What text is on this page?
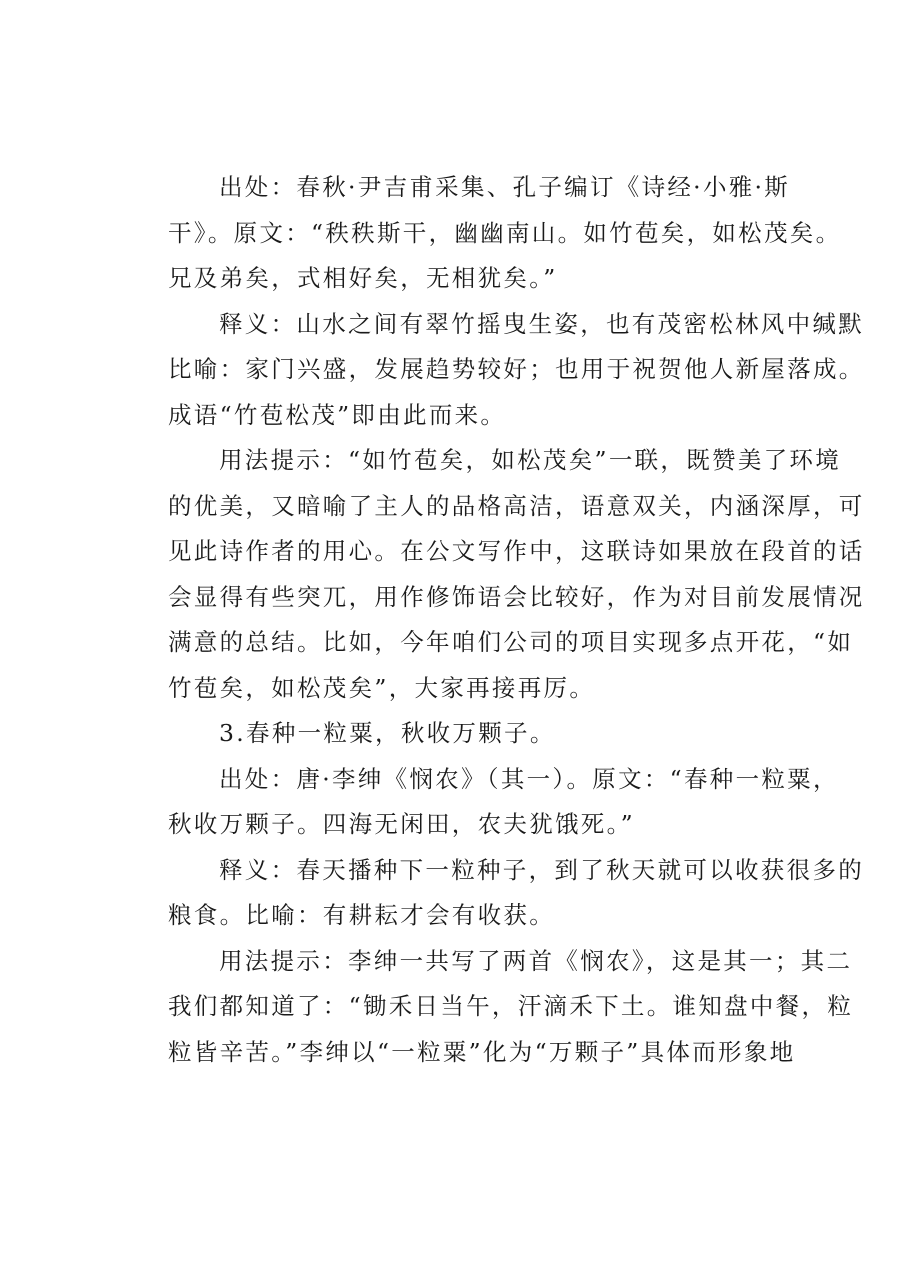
出处：春秋·尹吉甫采集、孔子编订《诗经·小雅·斯
干》。原文：“秩秩斯干，幽幽南山。如竹苞矣，如松茂矣。
兄及弟矣，式相好矣，无相犹矣。”
释义：山水之间有翠竹摇曳生姿，也有茂密松林风中缄默
比喻：家门兴盛，发展趋势较好；也用于祝贺他人新屋落成。
成语“竹苞松茂”即由此而来。
用法提示：“如竹苞矣，如松茂矣”一联，既赞美了环境
的优美，又暗喻了主人的品格高洁，语意双关，内涵深厚，可
见此诗作者的用心。在公文写作中，这联诗如果放在段首的话
会显得有些突兀，用作修饰语会比较好，作为对目前发展情况
满意的总结。比如，今年咱们公司的项目实现多点开花，“如
竹苞矣，如松茂矣”，大家再接再厉。
3.春种一粒粟，秋收万颗子。
出处：唐·李绅《悯农》（其一）。原文：“春种一粒粟，
秋收万颗子。四海无闲田，农夫犹饿死。”
释义：春天播种下一粒种子，到了秋天就可以收获很多的
粮食。比喻：有耕耘才会有收获。
用法提示：李绅一共写了两首《悯农》，这是其一；其二
我们都知道了：“锄禾日当午，汗滴禾下土。谁知盘中餐，粒
粒皆辛苦。”李绅以“一粒粟”化为“万颗子”具体而形象地
